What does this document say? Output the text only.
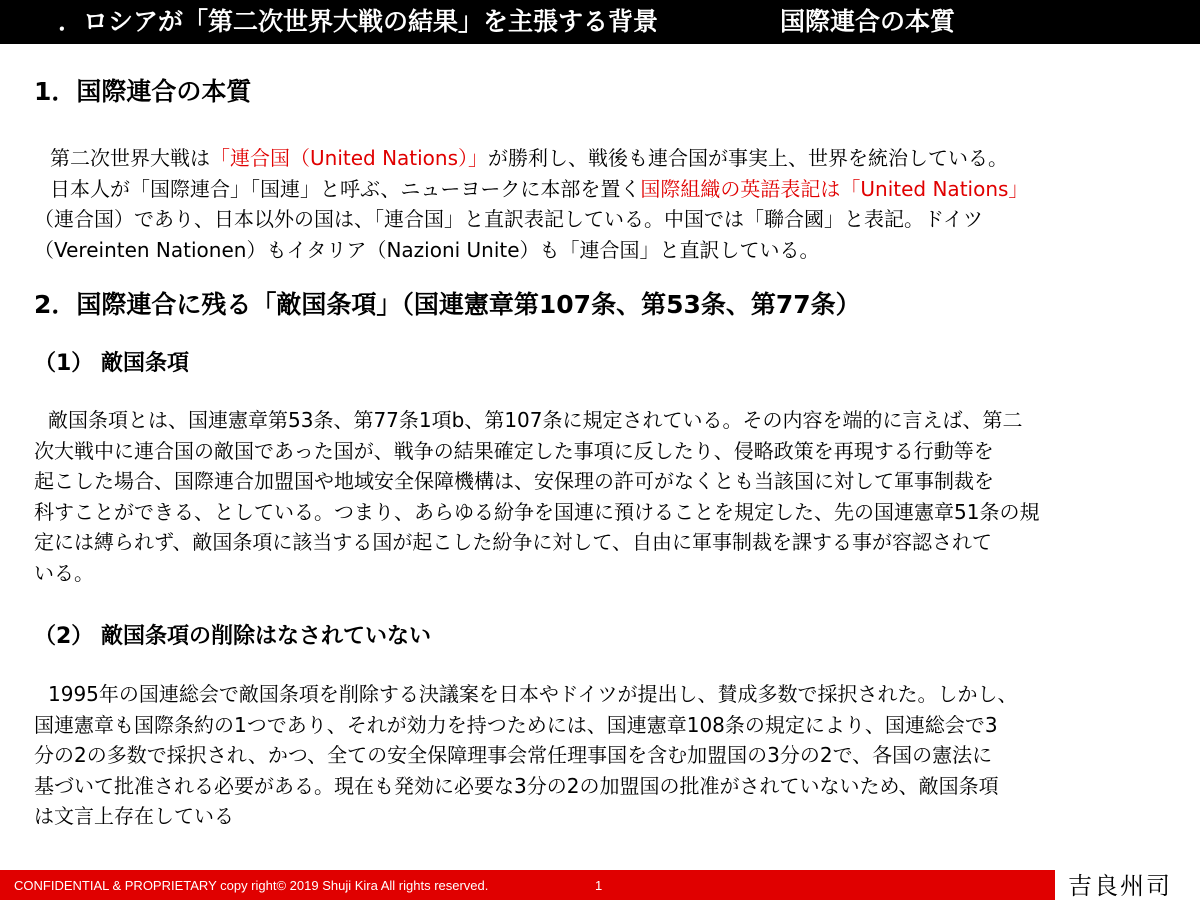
．ロシアが「第二次世界大戦の結果」を主張する背景	国際連合の本質
1．国際連合の本質
第二次世界大戦は「連合国（United Nations）」が勝利し、戦後も連合国が事実上、世界を統治している。
日本人が「国際連合」「国連」と呼ぶ、ニューヨークに本部を置く国際組織の英語表記は「United Nations」
（連合国）であり、日本以外の国は、「連合国」と直訳表記している。中国では「聯合國」と表記。ドイツ
（Vereinten Nationen）もイタリア（Nazioni Unite）も「連合国」と直訳している。
2．国際連合に残る「敵国条項」（国連憲章第107条、第53条、第77条）
（1） 敵国条項
敵国条項とは、国連憲章第53条、第77条1項b、第107条に規定されている。その内容を端的に言えば、第二
次大戦中に連合国の敵国であった国が、戦争の結果確定した事項に反したり、侵略政策を再現する行動等を
起こした場合、国際連合加盟国や地域安全保障機構は、安保理の許可がなくとも当該国に対して軍事制裁を
科すことができる、としている。つまり、あらゆる紛争を国連に預けることを規定した、先の国連憲章51条の規
定には縛られず、敵国条項に該当する国が起こした紛争に対して、自由に軍事制裁を課する事が容認されて
いる。
（2） 敵国条項の削除はなされていない
1995年の国連総会で敵国条項を削除する決議案を日本やドイツが提出し、賛成多数で採択された。しかし、
国連憲章も国際条約の1つであり、それが効力を持つためには、国連憲章108条の規定により、国連総会で3
分の2の多数で採択され、かつ、全ての安全保障理事会常任理事国を含む加盟国の3分の2で、各国の憲法に
基づいて批准される必要がある。現在も発効に必要な3分の2の加盟国の批准がされていないため、敵国条項
は文言上存在している
CONFIDENTIAL & PROPRIETARY copy right© 2019 Shuji Kira All rights reserved.	1	吉良州司
